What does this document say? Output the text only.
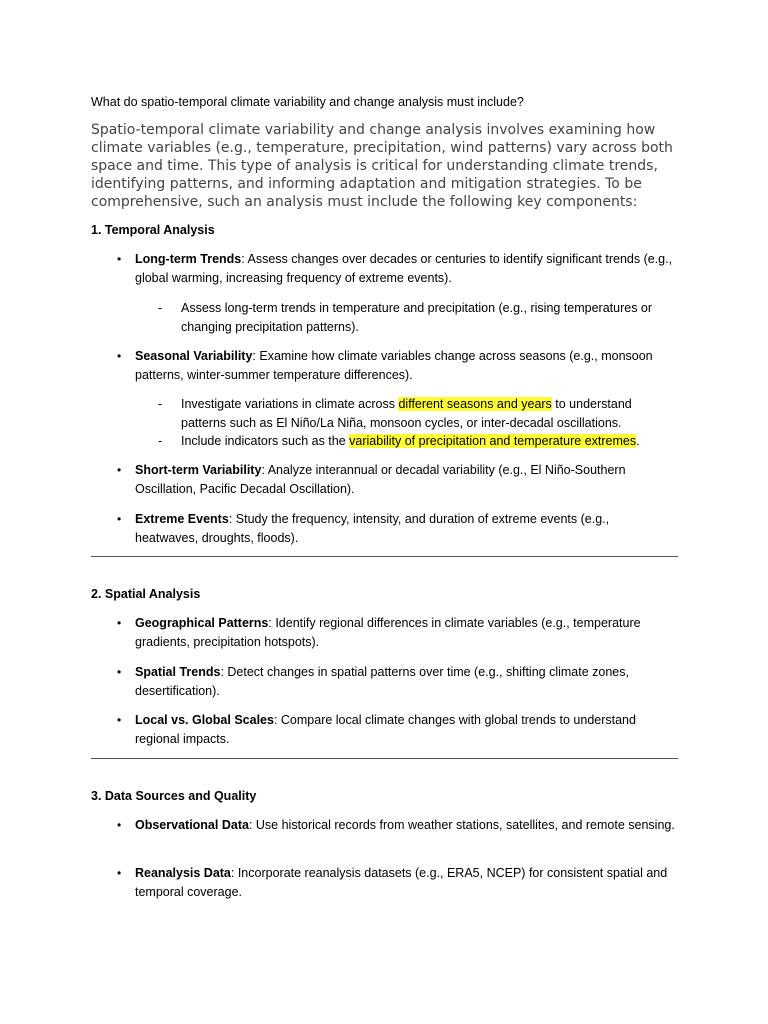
What do spatio-temporal climate variability and change analysis must include?
Spatio-temporal climate variability and change analysis involves examining how climate variables (e.g., temperature, precipitation, wind patterns) vary across both space and time. This type of analysis is critical for understanding climate trends, identifying patterns, and informing adaptation and mitigation strategies. To be comprehensive, such an analysis must include the following key components:
1. Temporal Analysis
• Long-term Trends: Assess changes over decades or centuries to identify significant trends (e.g., global warming, increasing frequency of extreme events).
- Assess long-term trends in temperature and precipitation (e.g., rising temperatures or changing precipitation patterns).
• Seasonal Variability: Examine how climate variables change across seasons (e.g., monsoon patterns, winter-summer temperature differences).
- Investigate variations in climate across different seasons and years to understand patterns such as El Niño/La Niña, monsoon cycles, or inter-decadal oscillations.
- Include indicators such as the variability of precipitation and temperature extremes.
• Short-term Variability: Analyze interannual or decadal variability (e.g., El Niño-Southern Oscillation, Pacific Decadal Oscillation).
• Extreme Events: Study the frequency, intensity, and duration of extreme events (e.g., heatwaves, droughts, floods).
2. Spatial Analysis
• Geographical Patterns: Identify regional differences in climate variables (e.g., temperature gradients, precipitation hotspots).
• Spatial Trends: Detect changes in spatial patterns over time (e.g., shifting climate zones, desertification).
• Local vs. Global Scales: Compare local climate changes with global trends to understand regional impacts.
3. Data Sources and Quality
• Observational Data: Use historical records from weather stations, satellites, and remote sensing.
• Reanalysis Data: Incorporate reanalysis datasets (e.g., ERA5, NCEP) for consistent spatial and temporal coverage.
